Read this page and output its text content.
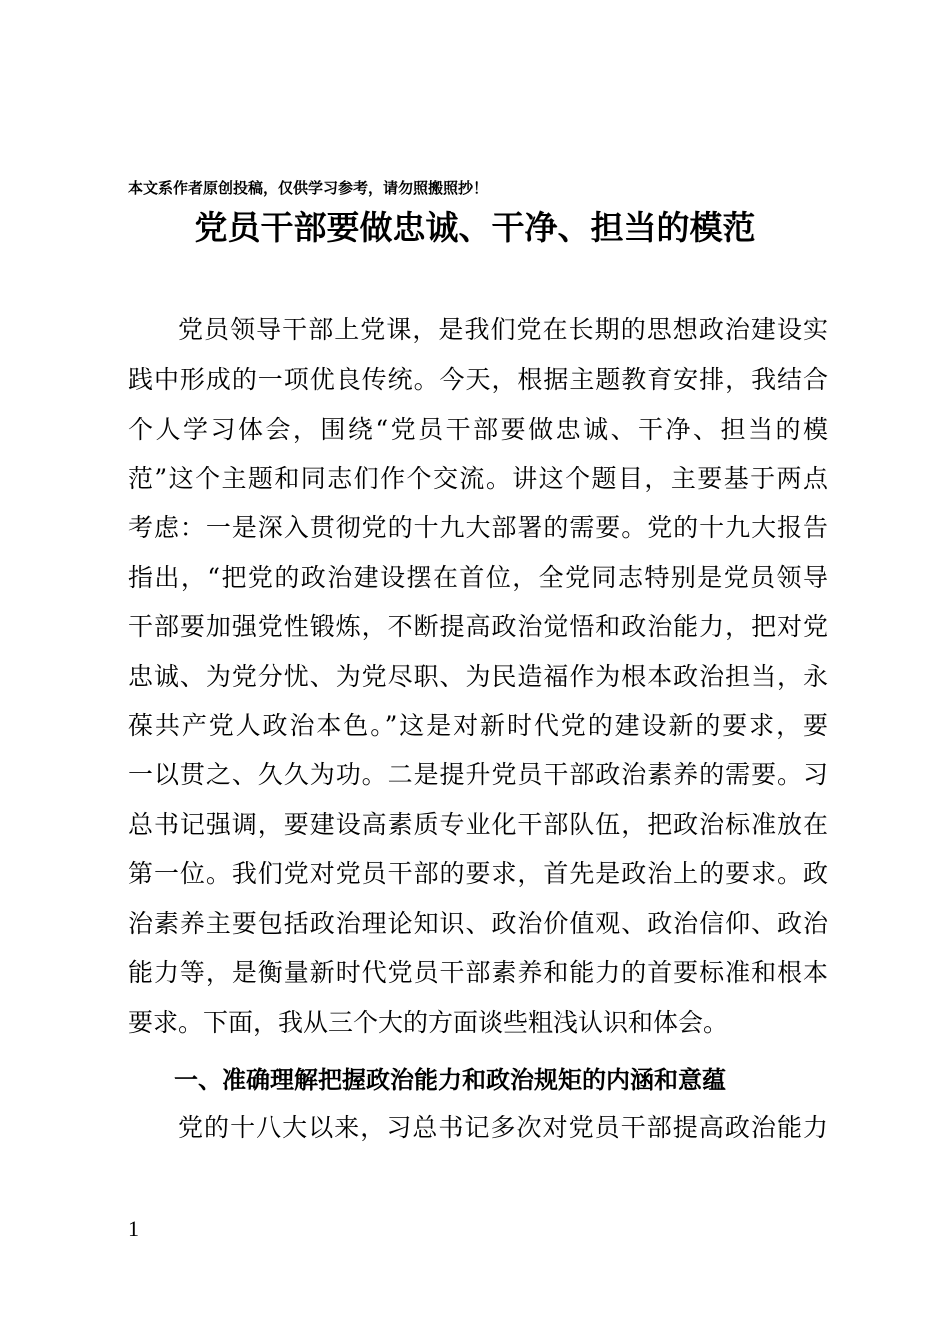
本文系作者原创投稿，仅供学习参考，请勿照搬照抄！
党员干部要做忠诚、干净、担当的模范
党员领导干部上党课，是我们党在长期的思想政治建设实
践中形成的一项优良传统。今天，根据主题教育安排，我结合
个人学习体会，围绕“党员干部要做忠诚、干净、担当的模
范”这个主题和同志们作个交流。讲这个题目，主要基于两点
考虑：一是深入贯彻党的十九大部署的需要。党的十九大报告
指出，“把党的政治建设摆在首位，全党同志特别是党员领导
干部要加强党性锻炼，不断提高政治觉悟和政治能力，把对党
忠诚、为党分忧、为党尽职、为民造福作为根本政治担当，永
葆共产党人政治本色。”这是对新时代党的建设新的要求，要
一以贯之、久久为功。二是提升党员干部政治素养的需要。习
总书记强调，要建设高素质专业化干部队伍，把政治标准放在
第一位。我们党对党员干部的要求，首先是政治上的要求。政
治素养主要包括政治理论知识、政治价值观、政治信仰、政治
能力等，是衡量新时代党员干部素养和能力的首要标准和根本
要求。下面，我从三个大的方面谈些粗浅认识和体会。
一、准确理解把握政治能力和政治规矩的内涵和意蕴
党的十八大以来，习总书记多次对党员干部提高政治能力
1
